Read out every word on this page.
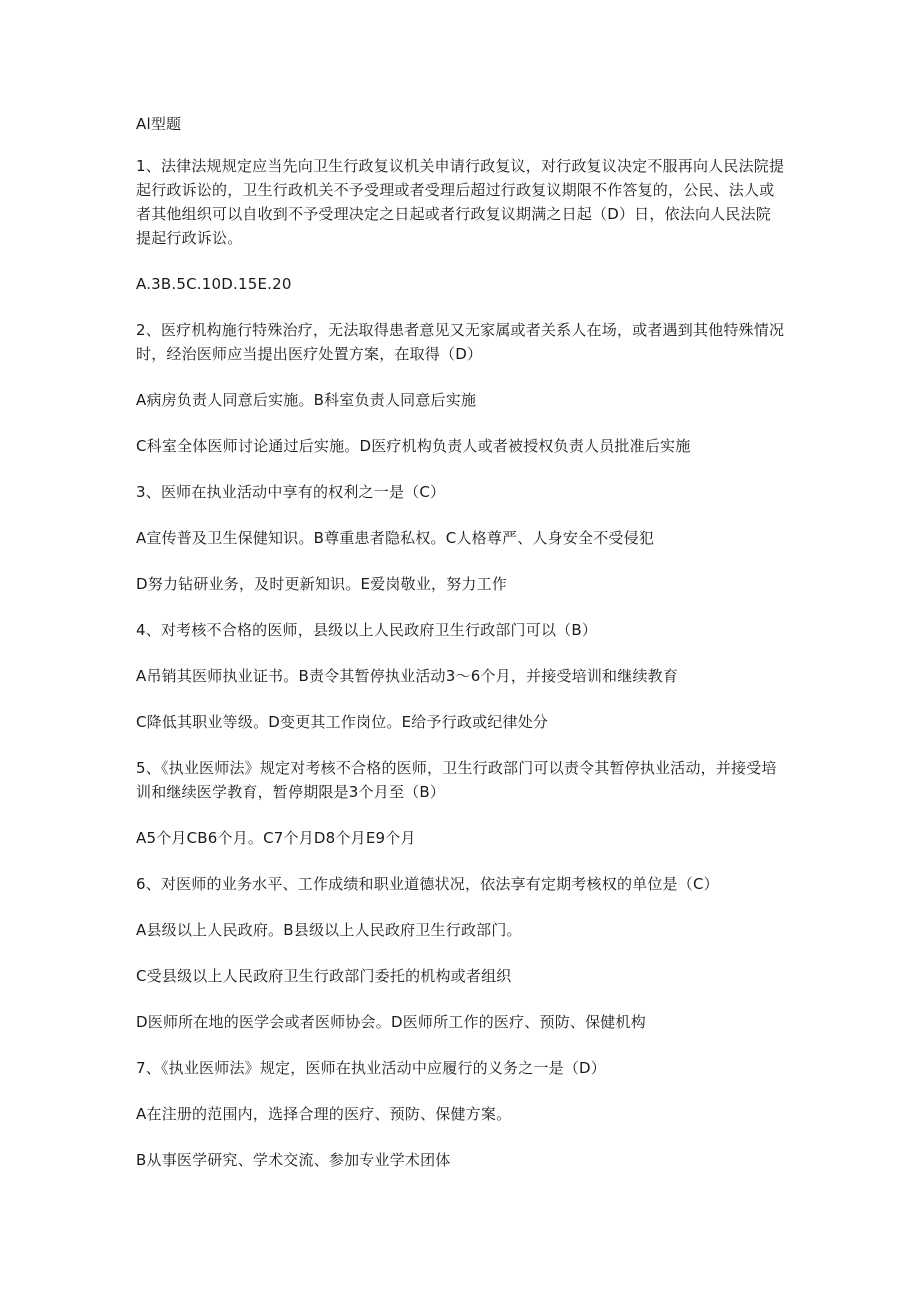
Al型题

1、法律法规规定应当先向卫生行政复议机关申请行政复议，对行政复议决定不服再向人民法院提起行政诉讼的，卫生行政机关不予受理或者受理后超过行政复议期限不作答复的，公民、法人或者其他组织可以自收到不予受理决定之日起或者行政复议期满之日起（D）日，依法向人民法院提起行政诉讼。

A.3B.5C.10D.15E.20

2、医疗机构施行特殊治疗，无法取得患者意见又无家属或者关系人在场，或者遇到其他特殊情况时，经治医师应当提出医疗处置方案，在取得（D）

A病房负责人同意后实施。B科室负责人同意后实施

C科室全体医师讨论通过后实施。D医疗机构负责人或者被授权负责人员批准后实施

3、医师在执业活动中享有的权利之一是（C）

A宣传普及卫生保健知识。B尊重患者隐私权。C人格尊严、人身安全不受侵犯

D努力钻研业务，及时更新知识。E爱岗敬业，努力工作

4、对考核不合格的医师，县级以上人民政府卫生行政部门可以（B）

A吊销其医师执业证书。B责令其暂停执业活动3～6个月，并接受培训和继续教育

C降低其职业等级。D变更其工作岗位。E给予行政或纪律处分

5、《执业医师法》规定对考核不合格的医师，卫生行政部门可以责令其暂停执业活动，并接受培训和继续医学教育，暂停期限是3个月至（B）

A5个月CB6个月。C7个月D8个月E9个月

6、对医师的业务水平、工作成绩和职业道德状况，依法享有定期考核权的单位是（C）

A县级以上人民政府。B县级以上人民政府卫生行政部门。

C受县级以上人民政府卫生行政部门委托的机构或者组织

D医师所在地的医学会或者医师协会。D医师所工作的医疗、预防、保健机构

7、《执业医师法》规定，医师在执业活动中应履行的义务之一是（D）

A在注册的范围内，选择合理的医疗、预防、保健方案。

B从事医学研究、学术交流、参加专业学术团体
